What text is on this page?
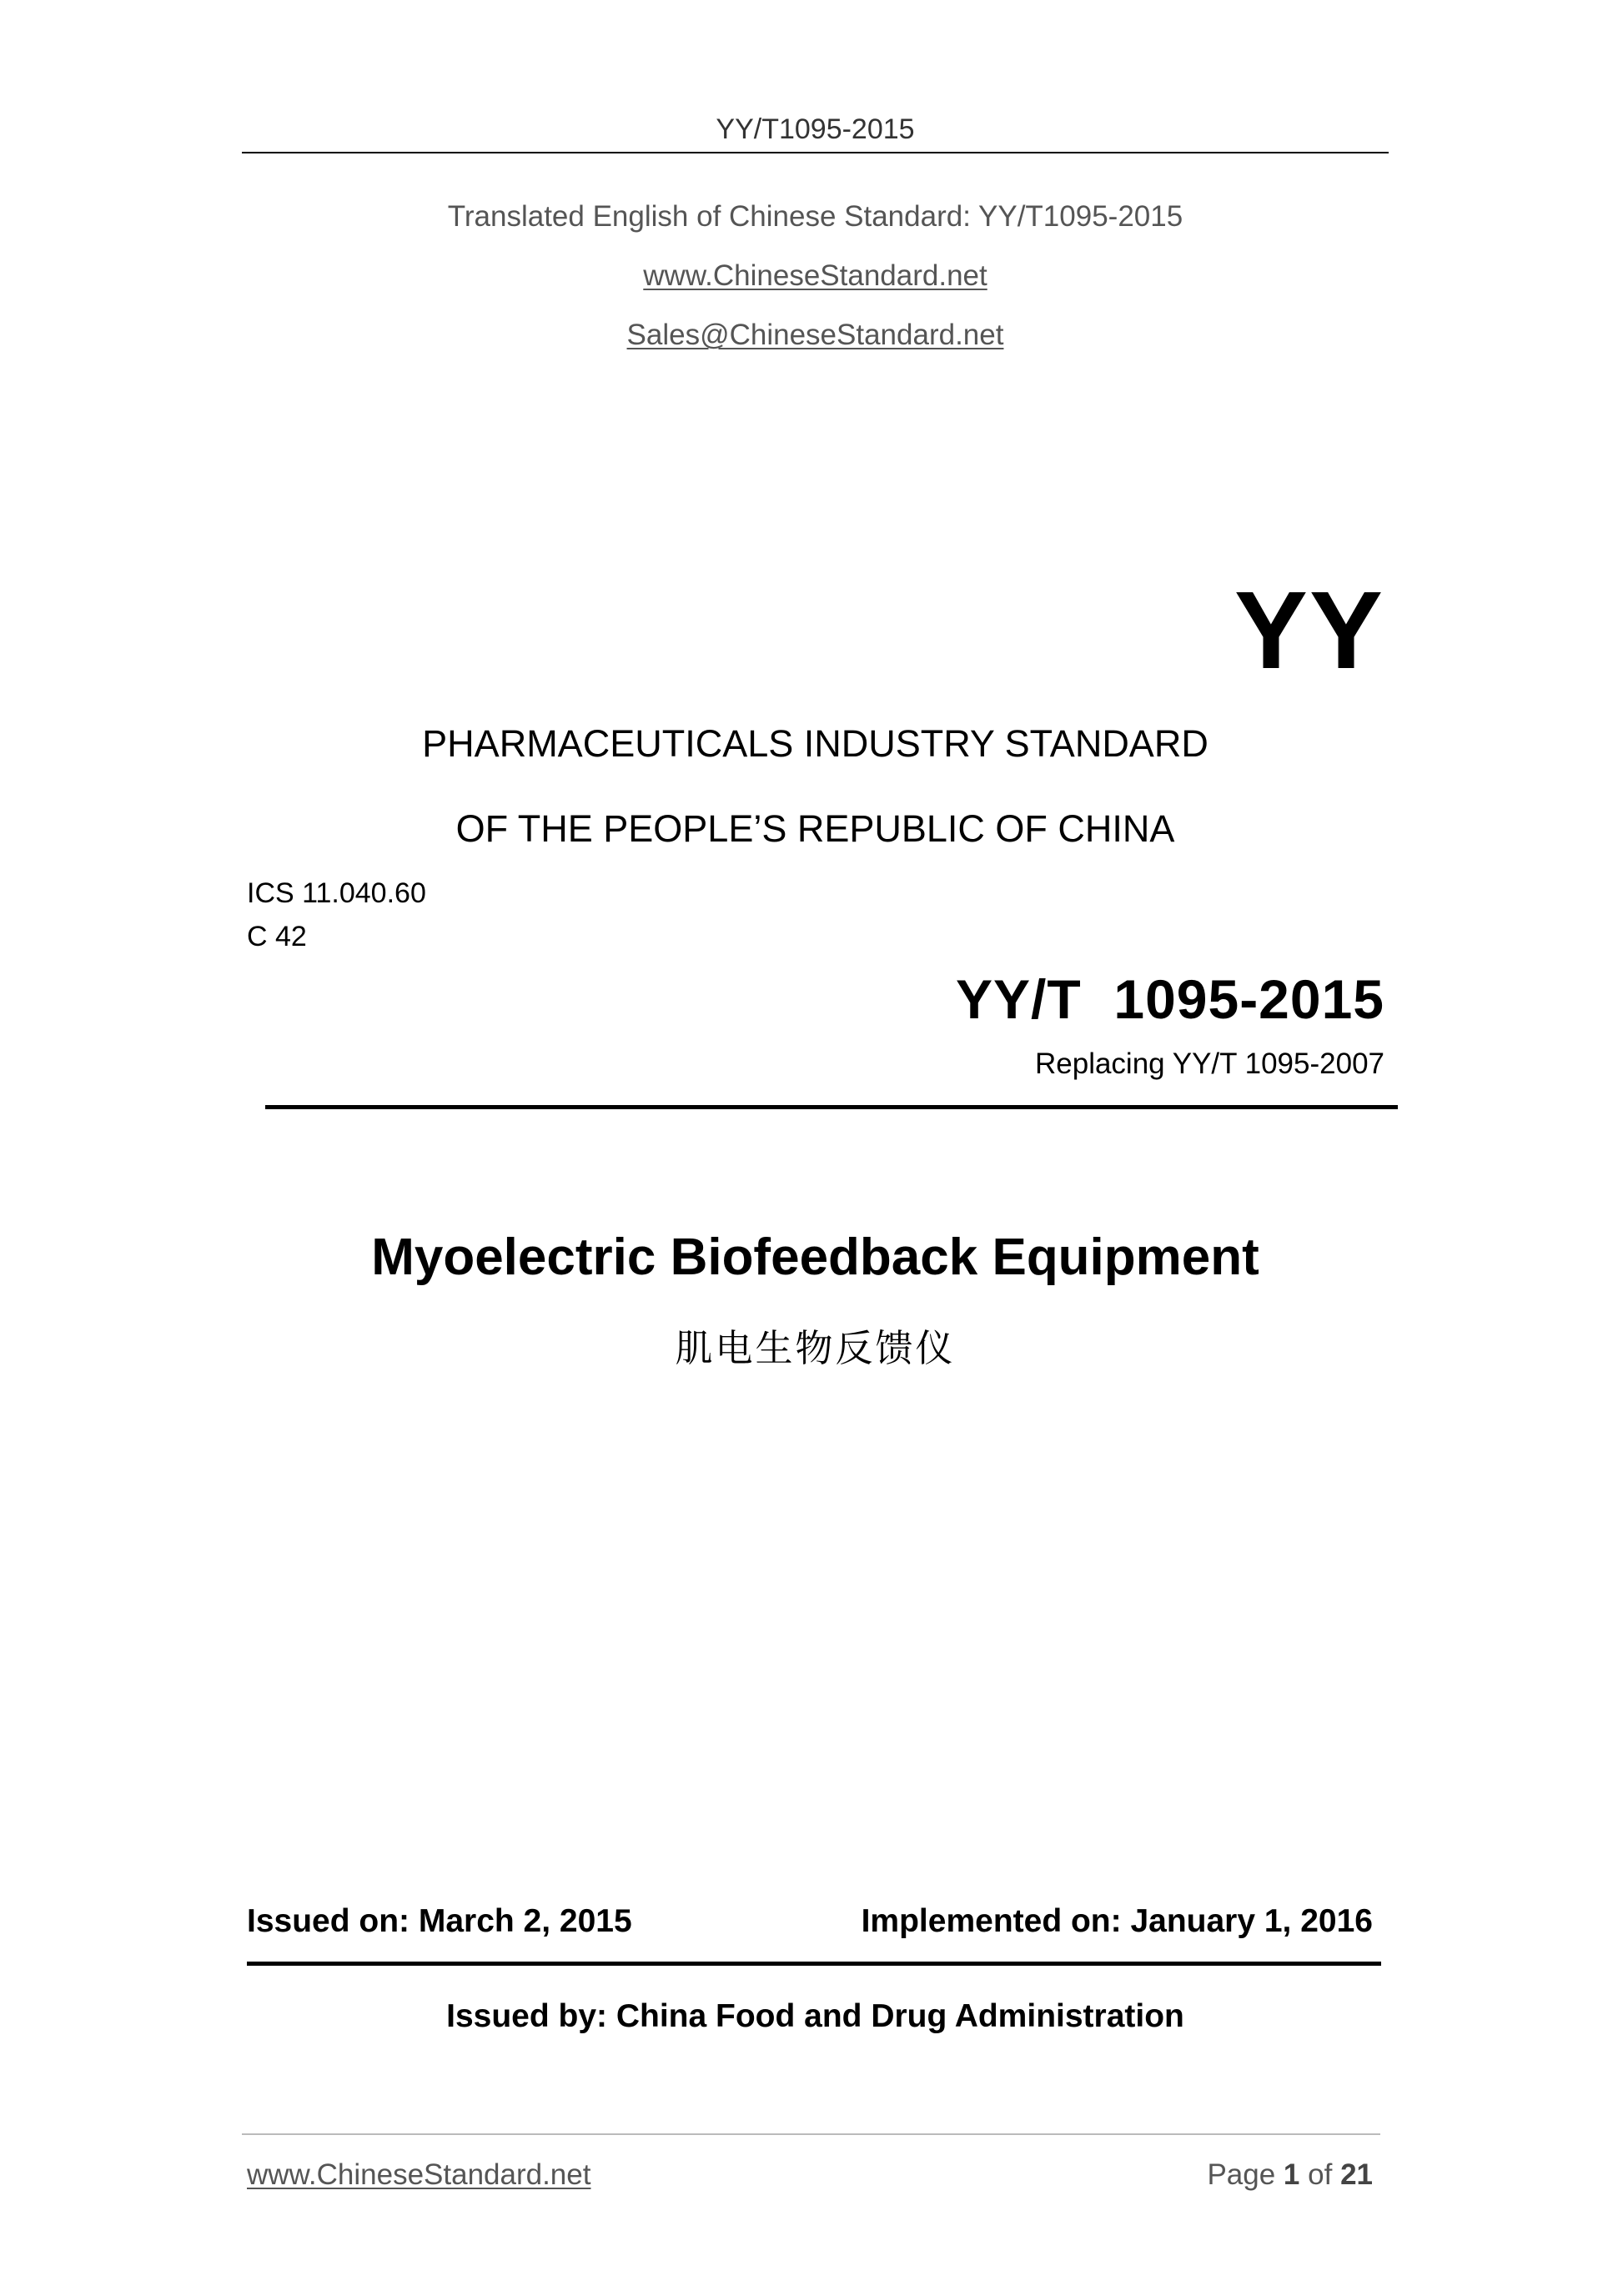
YY/T1095-2015
Translated English of Chinese Standard: YY/T1095-2015
www.ChineseStandard.net
Sales@ChineseStandard.net
YY
PHARMACEUTICALS INDUSTRY STANDARD
OF THE PEOPLE’S REPUBLIC OF CHINA
ICS 11.040.60
C 42
YY/T  1095-2015
Replacing YY/T 1095-2007
Myoelectric Biofeedback Equipment
肌电生物反馈仪
Issued on: March 2, 2015	Implemented on: January 1, 2016
Issued by: China Food and Drug Administration
www.ChineseStandard.net	Page 1 of 21
